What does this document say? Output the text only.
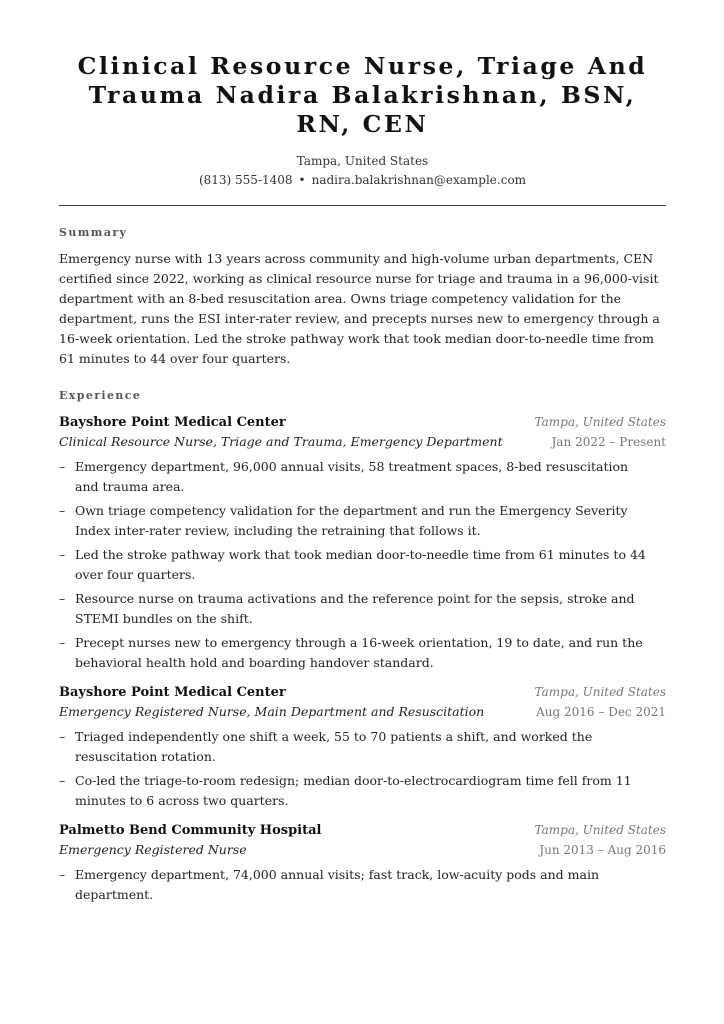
Clinical Resource Nurse, Triage And Trauma Nadira Balakrishnan, BSN, RN, CEN
Tampa, United States
(813) 555-1408 • nadira.balakrishnan@example.com
Summary
Emergency nurse with 13 years across community and high-volume urban departments, CEN certified since 2022, working as clinical resource nurse for triage and trauma in a 96,000-visit department with an 8-bed resuscitation area. Owns triage competency validation for the department, runs the ESI inter-rater review, and precepts nurses new to emergency through a 16-week orientation. Led the stroke pathway work that took median door-to-needle time from 61 minutes to 44 over four quarters.
Experience
Bayshore Point Medical Center	Tampa, United States
Clinical Resource Nurse, Triage and Trauma, Emergency Department	Jan 2022 – Present
– Emergency department, 96,000 annual visits, 58 treatment spaces, 8-bed resuscitation and trauma area.
– Own triage competency validation for the department and run the Emergency Severity Index inter-rater review, including the retraining that follows it.
– Led the stroke pathway work that took median door-to-needle time from 61 minutes to 44 over four quarters.
– Resource nurse on trauma activations and the reference point for the sepsis, stroke and STEMI bundles on the shift.
– Precept nurses new to emergency through a 16-week orientation, 19 to date, and run the behavioral health hold and boarding handover standard.
Bayshore Point Medical Center	Tampa, United States
Emergency Registered Nurse, Main Department and Resuscitation	Aug 2016 – Dec 2021
– Triaged independently one shift a week, 55 to 70 patients a shift, and worked the resuscitation rotation.
– Co-led the triage-to-room redesign; median door-to-electrocardiogram time fell from 11 minutes to 6 across two quarters.
Palmetto Bend Community Hospital	Tampa, United States
Emergency Registered Nurse	Jun 2013 – Aug 2016
– Emergency department, 74,000 annual visits; fast track, low-acuity pods and main department.
